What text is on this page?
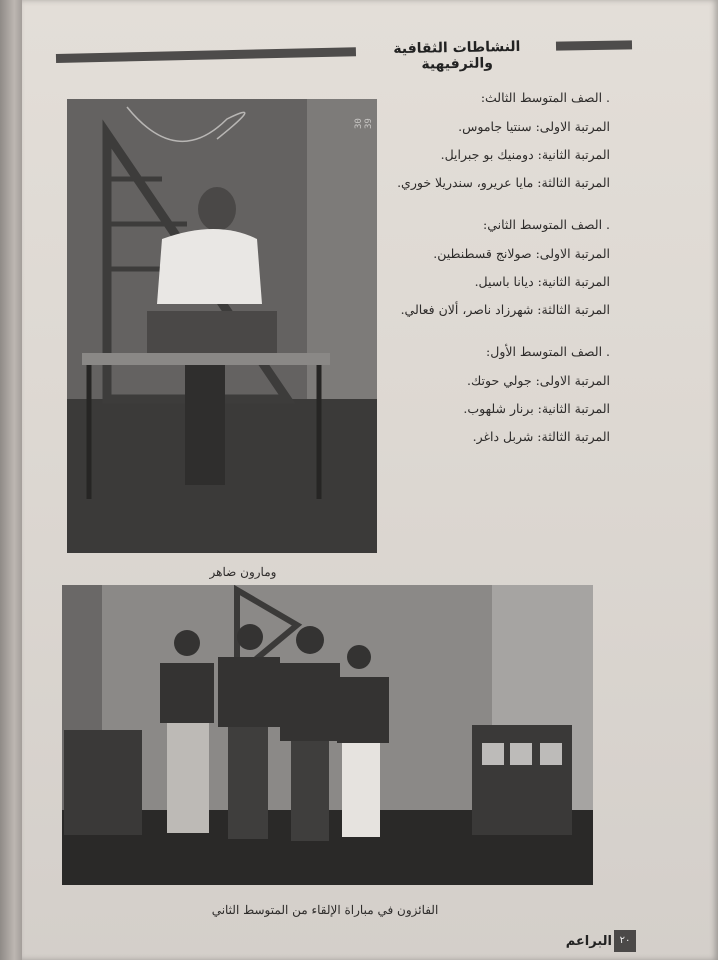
النشاطات الثقافية والترفيهية
30 39
ومارون ضاهر

. الصف المتوسط الثالث:

المرتبة الاولى: سنتيا جاموس.

المرتبة الثانية: دومنيك بو جبرايل.

المرتبة الثالثة: مايا عريرو، سندريلا خوري.

. الصف المتوسط الثاني:

المرتبة الاولى: صولانج قسطنطين.

المرتبة الثانية: ديانا باسيل.

المرتبة الثالثة: شهرزاد ناصر، ألان فعالي.

. الصف المتوسط الأول:

المرتبة الاولى: جولي حوتك.

المرتبة الثانية: برنار شلهوب.

المرتبة الثالثة: شربل داغر.

الفائزون في مباراة الإلقاء من المتوسط الثاني
٢٠
البراعم
